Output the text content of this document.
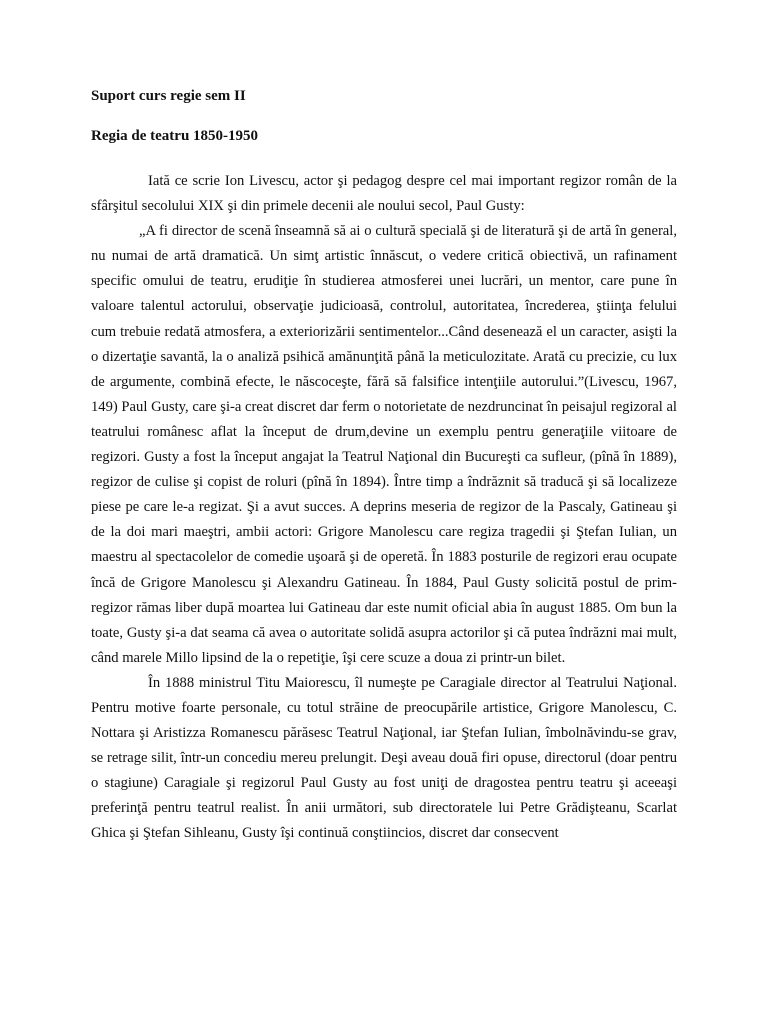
Suport curs regie sem II

Regia de teatru 1850-1950

Iată ce scrie Ion Livescu, actor şi pedagog despre cel mai important regizor român de la sfârşitul secolului XIX şi din primele decenii ale noului secol, Paul Gusty:

„A fi director de scenă înseamnă să ai o cultură specială şi de literatură şi de artă în general, nu numai de artă dramatică. Un simţ artistic înnăscut, o vedere critică obiectivă, un rafinament specific omului de teatru, erudiţie în studierea atmosferei unei lucrări, un mentor, care pune în valoare talentul actorului, observaţie judicioasă, controlul, autoritatea, încrederea, ştiinţa felului cum trebuie redată atmosfera, a exteriorizării sentimentelor...Când desenează el un caracter, asişti la o dizertaţie savantă, la o analiză psihică amănunţită până la meticulozitate. Arată cu precizie, cu lux de argumente, combină efecte, le născoceşte, fără să falsifice intenţiile autorului.”(Livescu, 1967, 149) Paul Gusty, care şi-a creat discret dar ferm o notorietate de nezdruncinat în peisajul regizoral al teatrului românesc aflat la început de drum,devine un exemplu pentru generaţiile viitoare de regizori. Gusty a fost la început angajat la Teatrul Naţional din Bucureşti ca sufleur, (pînă în 1889), regizor de culise şi copist de roluri (pînă în 1894). Între timp a îndrăznit să traducă şi să localizeze piese pe care le-a regizat. Şi a avut succes. A deprins meseria de regizor de la Pascaly, Gatineau şi de la doi mari maeştri, ambii actori: Grigore Manolescu care regiza tragedii şi Ştefan Iulian, un maestru al spectacolelor de comedie uşoară şi de operetă. În 1883 posturile de regizori erau ocupate încă de Grigore Manolescu şi Alexandru Gatineau. În 1884, Paul Gusty solicită postul de prim-regizor rămas liber după moartea lui Gatineau dar este numit oficial abia în august 1885. Om bun la toate, Gusty şi-a dat seama că avea o autoritate solidă asupra actorilor şi că putea îndrăzni mai mult, când marele Millo lipsind de la o repetiţie, îşi cere scuze a doua zi printr-un bilet.

În 1888 ministrul Titu Maiorescu, îl numeşte pe Caragiale director al Teatrului Naţional. Pentru motive foarte personale, cu totul străine de preocupările artistice, Grigore Manolescu, C. Nottara şi Aristizza Romanescu părăsesc Teatrul Naţional, iar Ştefan Iulian, îmbolnăvindu-se grav, se retrage silit, într-un concediu mereu prelungit. Deşi aveau două firi opuse, directorul (doar pentru o stagiune) Caragiale şi regizorul Paul Gusty au fost uniţi de dragostea pentru teatru şi aceeaşi preferinţă pentru teatrul realist. În anii următori, sub directoratele lui Petre Grădişteanu, Scarlat Ghica şi Ştefan Sihleanu, Gusty îşi continuă conştiincios, discret dar consecvent
